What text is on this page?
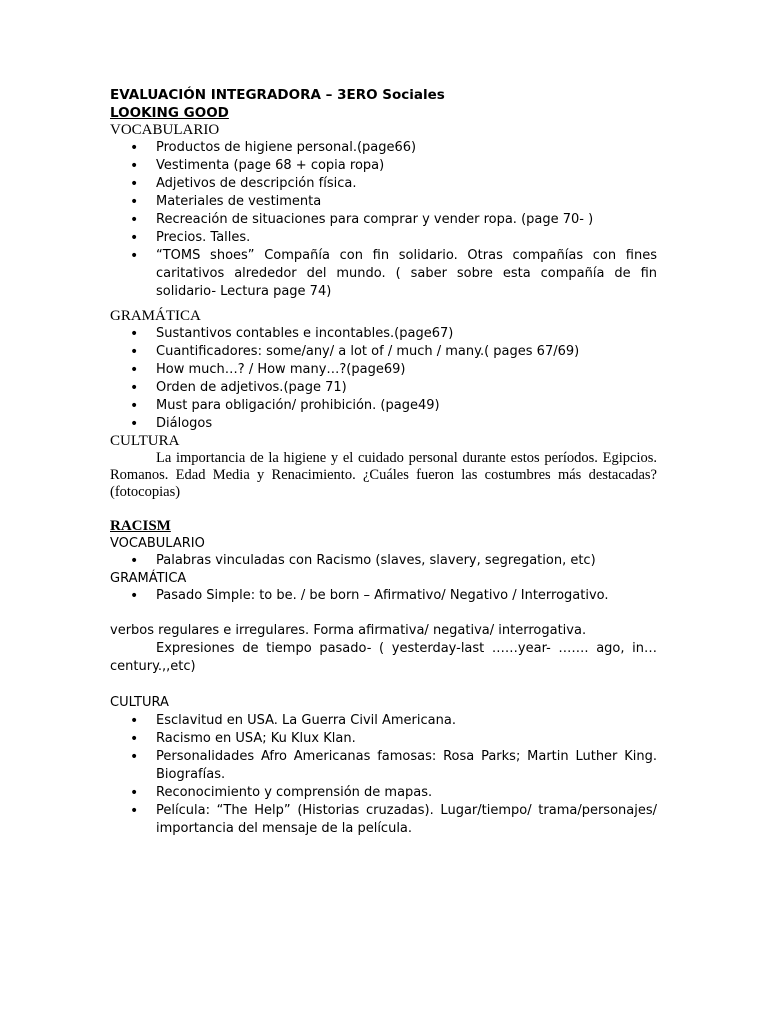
EVALUACIÓN INTEGRADORA – 3ERO Sociales
LOOKING GOOD
VOCABULARIO
• Productos de higiene personal.(page66)
• Vestimenta (page 68 + copia ropa)
• Adjetivos de descripción física.
• Materiales de vestimenta
• Recreación de situaciones para comprar y vender ropa. (page 70- )
• Precios. Talles.
• “TOMS shoes” Compañía con fin solidario. Otras compañías con fines caritativos alrededor del mundo. ( saber sobre esta compañía de fin solidario- Lectura page 74)
GRAMÁTICA
• Sustantivos contables e incontables.(page67)
• Cuantificadores: some/any/ a lot of / much / many.( pages 67/69)
• How much…? / How many…?(page69)
• Orden de adjetivos.(page 71)
• Must para obligación/ prohibición. (page49)
• Diálogos
CULTURA
La importancia de la higiene y el cuidado personal durante estos períodos. Egipcios. Romanos. Edad Media y Renacimiento. ¿Cuáles fueron las costumbres más destacadas? (fotocopias)
RACISM
VOCABULARIO
• Palabras vinculadas con Racismo (slaves, slavery, segregation, etc)
GRAMÁTICA
• Pasado Simple: to be. / be born – Afirmativo/ Negativo / Interrogativo.
verbos regulares e irregulares. Forma afirmativa/ negativa/ interrogativa.
Expresiones de tiempo pasado- ( yesterday-last ……year- ……. ago, in… century.,,etc)
CULTURA
• Esclavitud en USA. La Guerra Civil Americana.
• Racismo en USA; Ku Klux Klan.
• Personalidades Afro Americanas famosas: Rosa Parks; Martin Luther King. Biografías.
• Reconocimiento y comprensión de mapas.
• Película: “The Help” (Historias cruzadas). Lugar/tiempo/ trama/personajes/ importancia del mensaje de la película.
